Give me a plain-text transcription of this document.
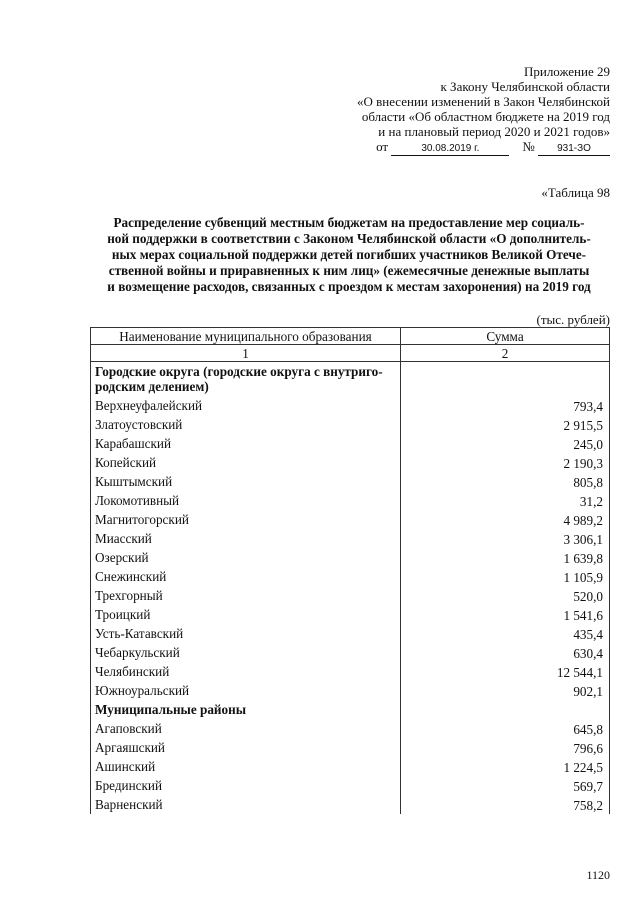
Приложение 29
к Закону Челябинской области
«О внесении изменений в Закон Челябинской
области «Об областном бюджете на 2019 год
и на плановый период 2020 и 2021 годов»
от	30.08.2019 г.	№ 931-ЗО
«Таблица 98
Распределение субвенций местным бюджетам на предоставление мер социаль-
ной поддержки в соответствии с Законом Челябинской области «О дополнитель-
ных мерах социальной поддержки детей погибших участников Великой Отече-
ственной войны и приравненных к ним лиц» (ежемесячные денежные выплаты
и возмещение расходов, связанных с проездом к местам захоронения) на 2019 год
(тыс. рублей)
Наименование муниципального образования	Сумма
1	2
Городские округа (городские округа с внутриго-родским делением)	
Верхнеуфалейский	793,4
Златоустовский	2 915,5
Карабашский	245,0
Копейский	2 190,3
Кыштымский	805,8
Локомотивный	31,2
Магнитогорский	4 989,2
Миасский	3 306,1
Озерский	1 639,8
Снежинский	1 105,9
Трехгорный	520,0
Троицкий	1 541,6
Усть-Катавский	435,4
Чебаркульский	630,4
Челябинский	12 544,1
Южноуральский	902,1
Муниципальные районы	
Агаповский	645,8
Аргаяшский	796,6
Ашинский	1 224,5
Брединский	569,7
Варненский	758,2
1120
